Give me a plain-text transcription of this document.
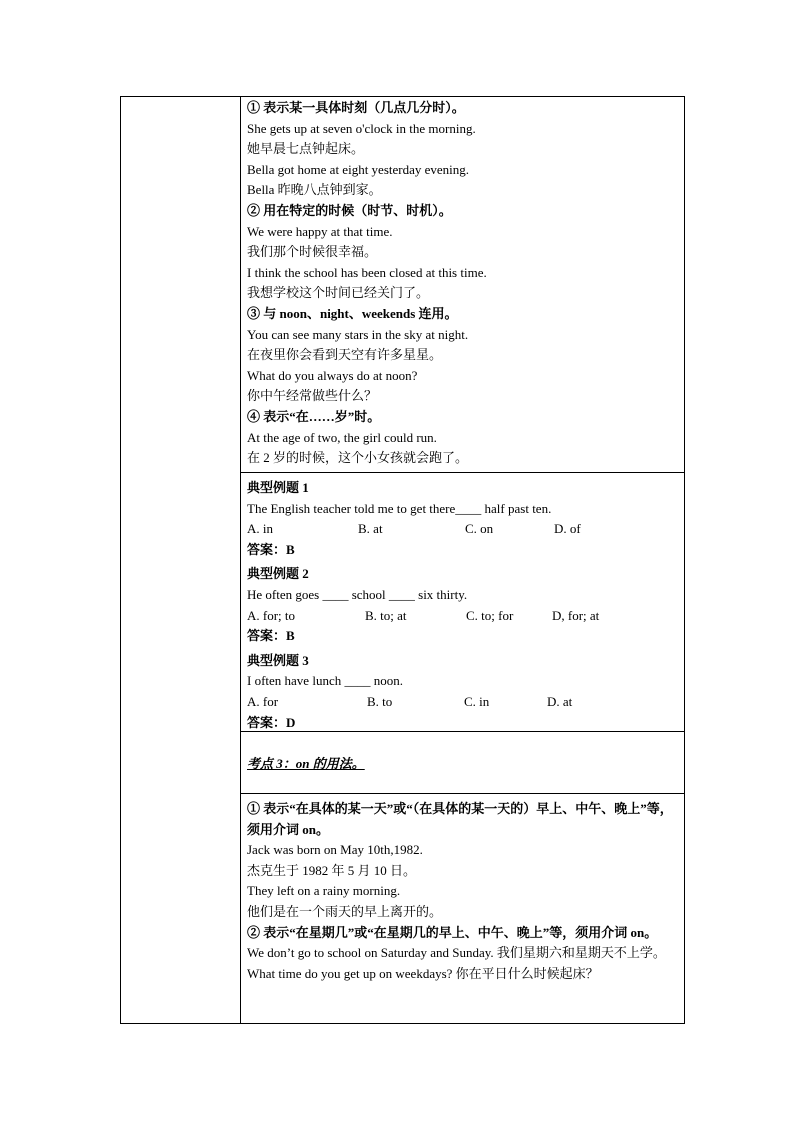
① 表示某一具体时刻（几点几分时）。
She gets up at seven o'clock in the morning.
她早晨七点钟起床。
Bella got home at eight yesterday evening.
Bella 昨晚八点钟到家。
② 用在特定的时候（时节、时机）。
We were happy at that time.
我们那个时候很幸福。
I think the school has been closed at this time.
我想学校这个时间已经关门了。
③ 与 noon、night、weekends 连用。
You can see many stars in the sky at night.
在夜里你会看到天空有许多星星。
What do you always do at noon?
你中午经常做些什么？
④ 表示“在……岁”时。
At the age of two, the girl could run.
在 2 岁的时候，这个小女孩就会跑了。
典型例题 1
The English teacher told me to get there____ half past ten.
A. in	B. at	C. on	D. of
答案：B
典型例题 2
He often goes ____ school ____ six thirty.
A. for; to	B. to; at	C. to; for	D, for; at
答案：B
典型例题 3
I often have lunch ____ noon.
A. for	B. to	C. in	D. at
答案：D
考点 3：on 的用法。
① 表示“在具体的某一天”或“（在具体的某一天的）早上、中午、晚上”等，须用介词 on。
Jack was born on May 10th,1982.
杰克生于 1982 年 5 月 10 日。
They left on a rainy morning.
他们是在一个雨天的早上离开的。
② 表示“在星期几”或“在星期几的早上、中午、晚上”等，须用介词 on。
We don’t go to school on Saturday and Sunday. 我们星期六和星期天不上学。
What time do you get up on weekdays? 你在平日什么时候起床？
